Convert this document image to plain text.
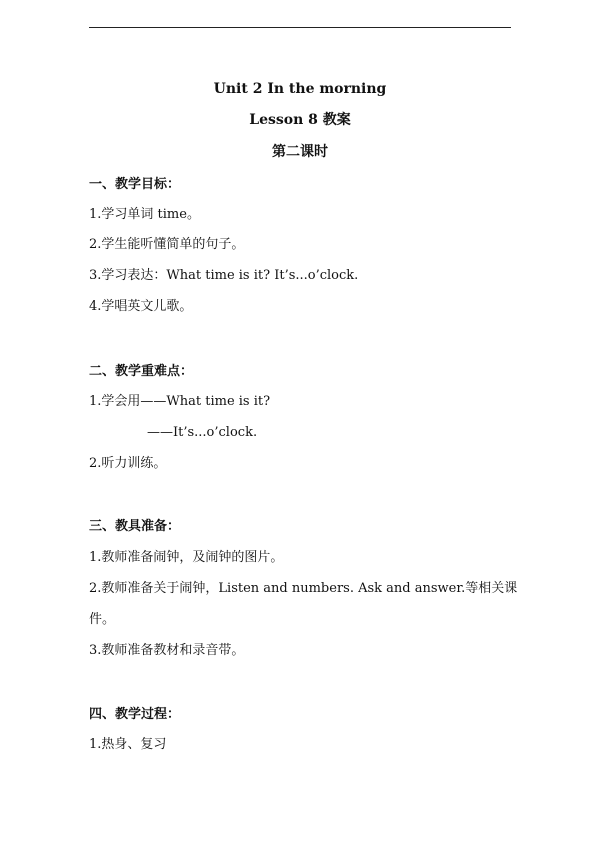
Unit 2 In the morning
Lesson 8 教案
第二课时
一、教学目标：
1.学习单词 time。
2.学生能听懂简单的句子。
3.学习表达：What time is it? It’s...o’clock.
4.学唱英文儿歌。
二、教学重难点：
1.学会用——What time is it?
——It’s...o’clock.
2.听力训练。
三、教具准备：
1.教师准备闹钟，及闹钟的图片。
2.教师准备关于闹钟，Listen and numbers. Ask and answer.等相关课
件。
3.教师准备教材和录音带。
四、教学过程：
1.热身、复习
